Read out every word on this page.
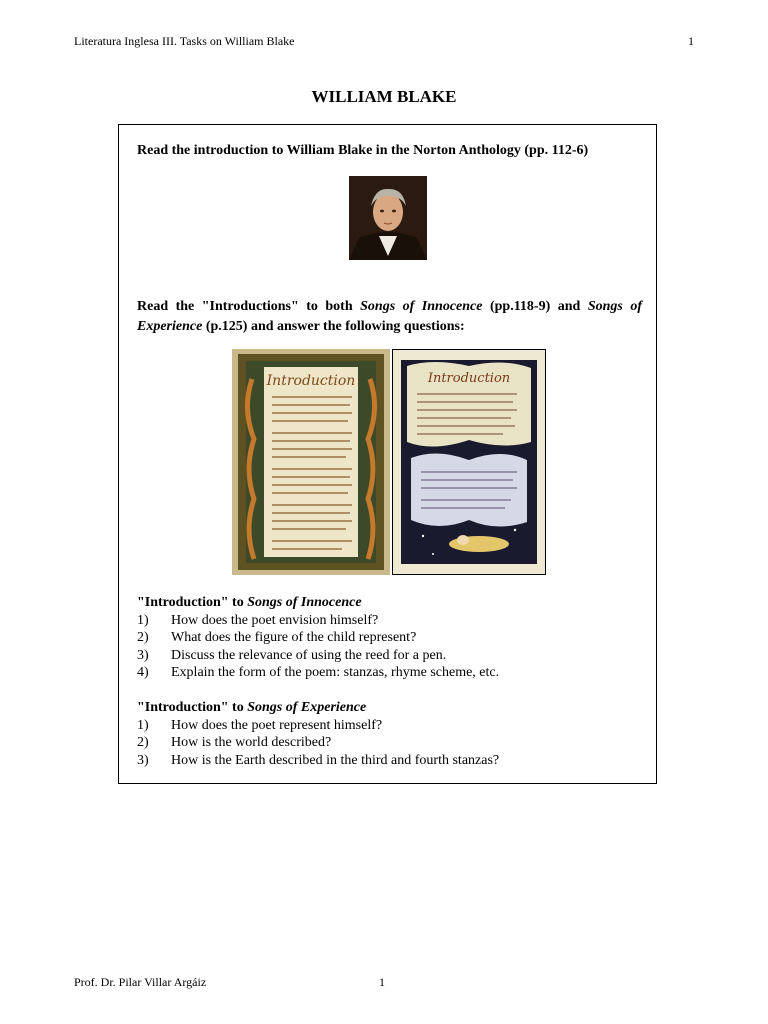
Literatura Inglesa III. Tasks on William Blake	1
WILLIAM BLAKE
Read the introduction to William Blake in the Norton Anthology (pp. 112-6)
Read the "Introductions" to both Songs of Innocence (pp.118-9) and Songs of Experience (p.125) and answer the following questions:
Introduction	Introduction
"Introduction" to Songs of Innocence
1)	How does the poet envision himself?
2)	What does the figure of the child represent?
3)	Discuss the relevance of using the reed for a pen.
4)	Explain the form of the poem: stanzas, rhyme scheme, etc.
"Introduction" to Songs of Experience
1)	How does the poet represent himself?
2)	How is the world described?
3)	How is the Earth described in the third and fourth stanzas?
Prof. Dr. Pilar Villar Argáiz	1
